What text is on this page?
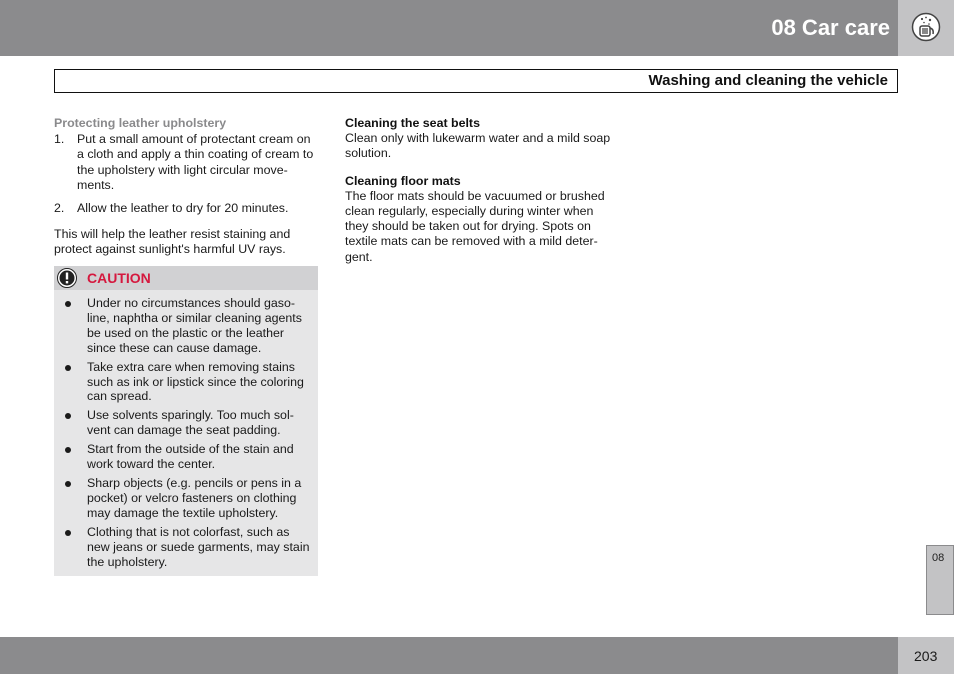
08 Car care
Washing and cleaning the vehicle
Protecting leather upholstery
1. Put a small amount of protectant cream on a cloth and apply a thin coating of cream to the upholstery with light circular move-ments.
2. Allow the leather to dry for 20 minutes.

This will help the leather resist staining and protect against sunlight's harmful UV rays.

CAUTION
Under no circumstances should gaso-line, naphtha or similar cleaning agents be used on the plastic or the leather since these can cause damage.
Take extra care when removing stains such as ink or lipstick since the coloring can spread.
Use solvents sparingly. Too much sol-vent can damage the seat padding.
Start from the outside of the stain and work toward the center.
Sharp objects (e.g. pencils or pens in a pocket) or velcro fasteners on clothing may damage the textile upholstery.
Clothing that is not colorfast, such as new jeans or suede garments, may stain the upholstery.
Cleaning the seat belts

Clean only with lukewarm water and a mild soap solution.

Cleaning floor mats

The floor mats should be vacuumed or brushed clean regularly, especially during winter when they should be taken out for drying. Spots on textile mats can be removed with a mild deter-gent.

08
203
